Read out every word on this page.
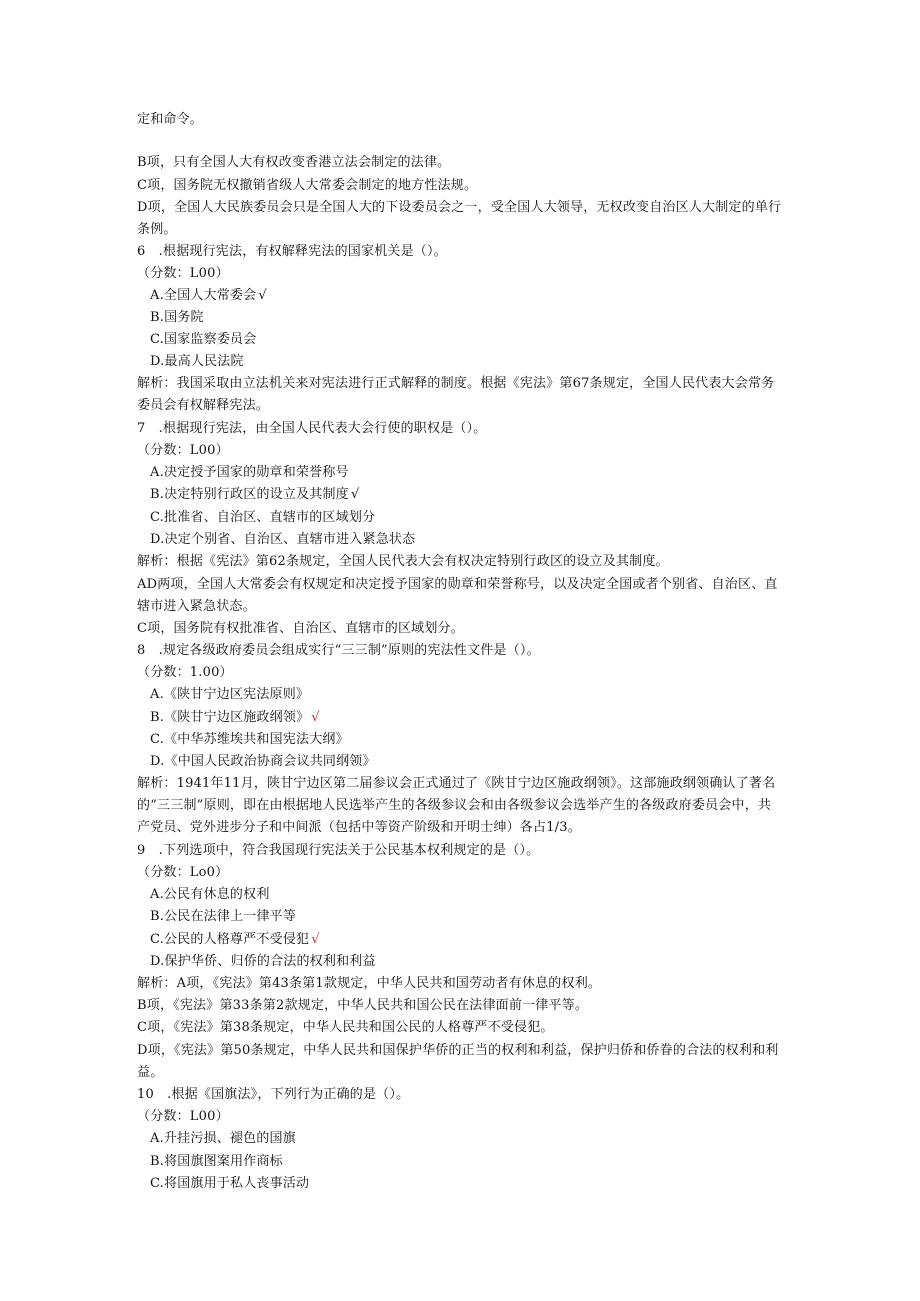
定和命令。
B项，只有全国人大有权改变香港立法会制定的法律。
C项，国务院无权撤销省级人大常委会制定的地方性法规。
D项，全国人大民族委员会只是全国人大的下设委员会之一，受全国人大领导，无权改变自治区人大制定的单行
条例。
6　.根据现行宪法，有权解释宪法的国家机关是（）。
（分数：L00）
A.全国人大常委会 √
B.国务院
C.国家监察委员会
D.最高人民法院
解析：我国采取由立法机关来对宪法进行正式解释的制度。根据《宪法》第67条规定，全国人民代表大会常务
委员会有权解释宪法。
7　.根据现行宪法，由全国人民代表大会行使的职权是（）。
（分数：L00）
A.决定授予国家的勋章和荣誉称号
B.决定特别行政区的设立及其制度 √
C.批准省、自治区、直辖市的区域划分
D.决定个别省、自治区、直辖市进入紧急状态
解析：根据《宪法》第62条规定，全国人民代表大会有权决定特别行政区的设立及其制度。
AD两项，全国人大常委会有权规定和决定授予国家的勋章和荣誉称号，以及决定全国或者个别省、自治区、直
辖市进入紧急状态。
C项，国务院有权批准省、自治区、直辖市的区域划分。
8　.规定各级政府委员会组成实行“三三制”原则的宪法性文件是（）。
（分数：1.00）
A.《陕甘宁边区宪法原则》
B.《陕甘宁边区施政纲领》 √
C.《中华苏维埃共和国宪法大纲》
D.《中国人民政治协商会议共同纲领》
解析：1941年11月，陕甘宁边区第二届参议会正式通过了《陕甘宁边区施政纲领》。这部施政纲领确认了著名
的“三三制”原则，即在由根据地人民选举产生的各级参议会和由各级参议会选举产生的各级政府委员会中，共
产党员、党外进步分子和中间派（包括中等资产阶级和开明士绅）各占1/3。
9　.下列选项中，符合我国现行宪法关于公民基本权利规定的是（）。
（分数：Lo0）
A.公民有休息的权利
B.公民在法律上一律平等
C.公民的人格尊严不受侵犯 √
D.保护华侨、归侨的合法的权利和利益
解析：A项，《宪法》第43条第1款规定，中华人民共和国劳动者有休息的权利。
B项，《宪法》第33条第2款规定，中华人民共和国公民在法律面前一律平等。
C项，《宪法》第38条规定，中华人民共和国公民的人格尊严不受侵犯。
D项，《宪法》第50条规定，中华人民共和国保护华侨的正当的权利和利益，保护归侨和侨眷的合法的权利和利
益。
10　.根据《国旗法》，下列行为正确的是（）。
（分数：L00）
A.升挂污损、褪色的国旗
B.将国旗图案用作商标
C.将国旗用于私人丧事活动
